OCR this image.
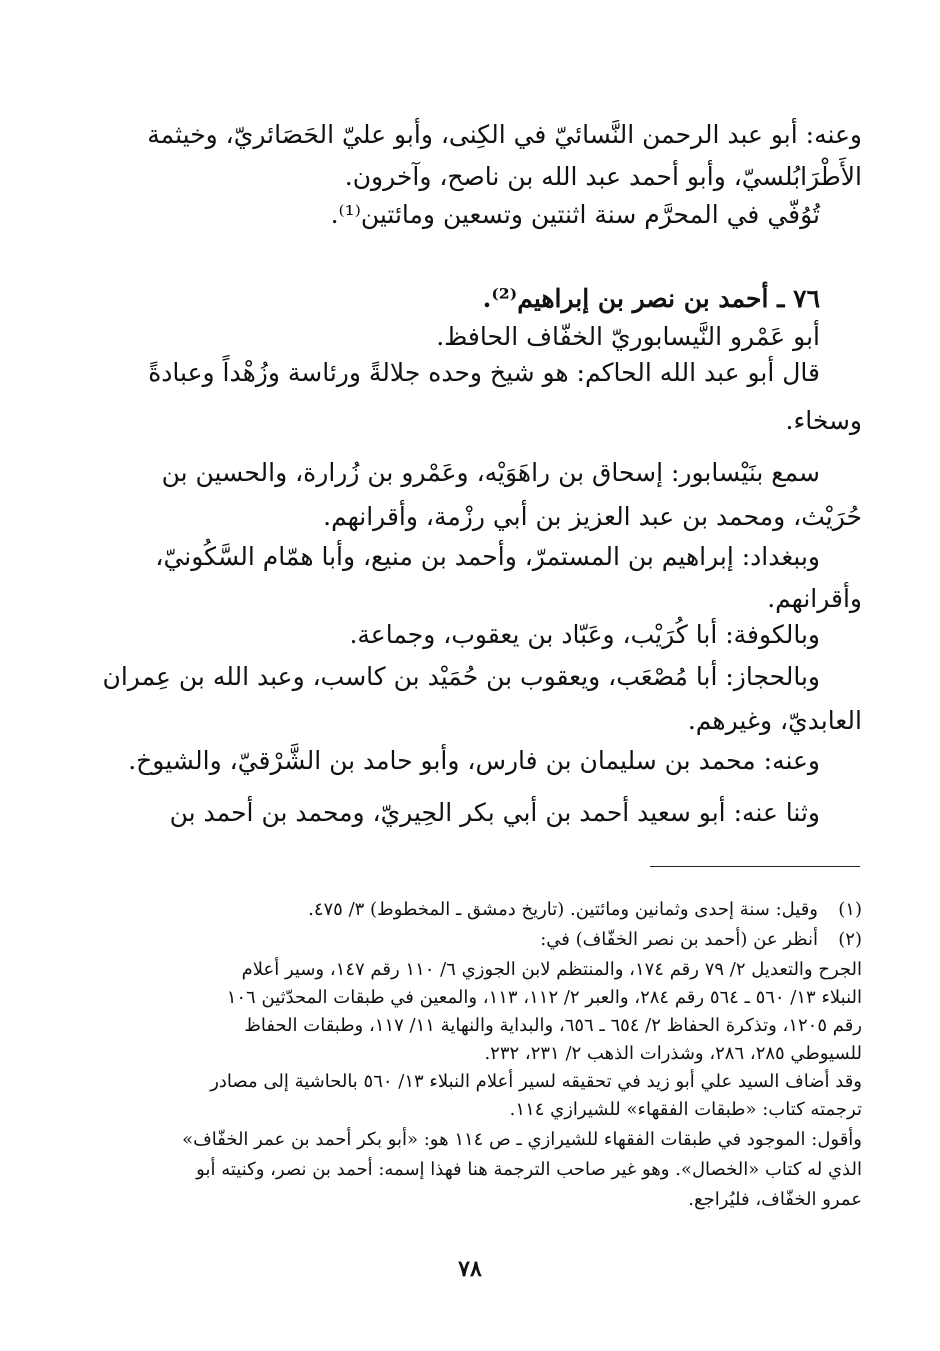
وعنه: أبو عبد الرحمن النَّسائيّ في الكِنى، وأبو عليّ الحَصَائريّ، وخيثمة
الأَطْرَابُلسيّ، وأبو أحمد عبد الله بن ناصح، وآخرون.
تُوُفّي في المحرَّم سنة اثنتين وتسعين ومائتين⁽¹⁾.
٧٦ ـ أحمد بن نصر بن إبراهيم⁽²⁾.
أبو عَمْرو النَّيسابوريّ الخفّاف الحافظ.
قال أبو عبد الله الحاكم: هو شيخ وحده جلالةً ورئاسة وزُهْداً وعبادةً
وسخاء.
سمع بنَيْسابور: إسحاق بن راهَوَيْه، وعَمْرو بن زُرارة، والحسين بن
حُرَيْث، ومحمد بن عبد العزيز بن أبي رزْمة، وأقرانهم.
وببغداد: إبراهيم بن المستمرّ، وأحمد بن منيع، وأبا همّام السَّكُونيّ،
وأقرانهم.
وبالكوفة: أبا كُرَيْب، وعَبّاد بن يعقوب، وجماعة.
وبالحجاز: أبا مُصْعَب، ويعقوب بن حُمَيْد بن كاسب، وعبد الله بن عِمران
العابديّ، وغيرهم.
وعنه: محمد بن سليمان بن فارس، وأبو حامد بن الشَّرْقيّ، والشيوخ.
وثنا عنه: أبو سعيد أحمد بن أبي بكر الحِيريّ، ومحمد بن أحمد بن
(١)
وقيل: سنة إحدى وثمانين ومائتين. (تاريخ دمشق ـ المخطوط) ٣/ ٤٧٥.
(٢)
أنظر عن (أحمد بن نصر الخفّاف) في:
الجرح والتعديل ٢/ ٧٩ رقم ١٧٤، والمنتظم لابن الجوزي ٦/ ١١٠ رقم ١٤٧، وسير أعلام
النبلاء ١٣/ ٥٦٠ ـ ٥٦٤ رقم ٢٨٤، والعبر ٢/ ١١٢، ١١٣، والمعين في طبقات المحدّثين ١٠٦
رقم ١٢٠٥، وتذكرة الحفاظ ٢/ ٦٥٤ ـ ٦٥٦، والبداية والنهاية ١١/ ١١٧، وطبقات الحفاظ
للسيوطي ٢٨٥، ٢٨٦، وشذرات الذهب ٢/ ٢٣١، ٢٣٢.
وقد أضاف السيد علي أبو زيد في تحقيقه لسير أعلام النبلاء ١٣/ ٥٦٠ بالحاشية إلى مصادر
ترجمته كتاب: «طبقات الفقهاء» للشيرازي ١١٤.
وأقول: الموجود في طبقات الفقهاء للشيرازي ـ ص ١١٤ هو: «أبو بكر أحمد بن عمر الخفّاف»
الذي له كتاب «الخصال». وهو غير صاحب الترجمة هنا فهذا إسمه: أحمد بن نصر، وكنيته أبو
عمرو الخفّاف، فليُراجع.
٧٨
